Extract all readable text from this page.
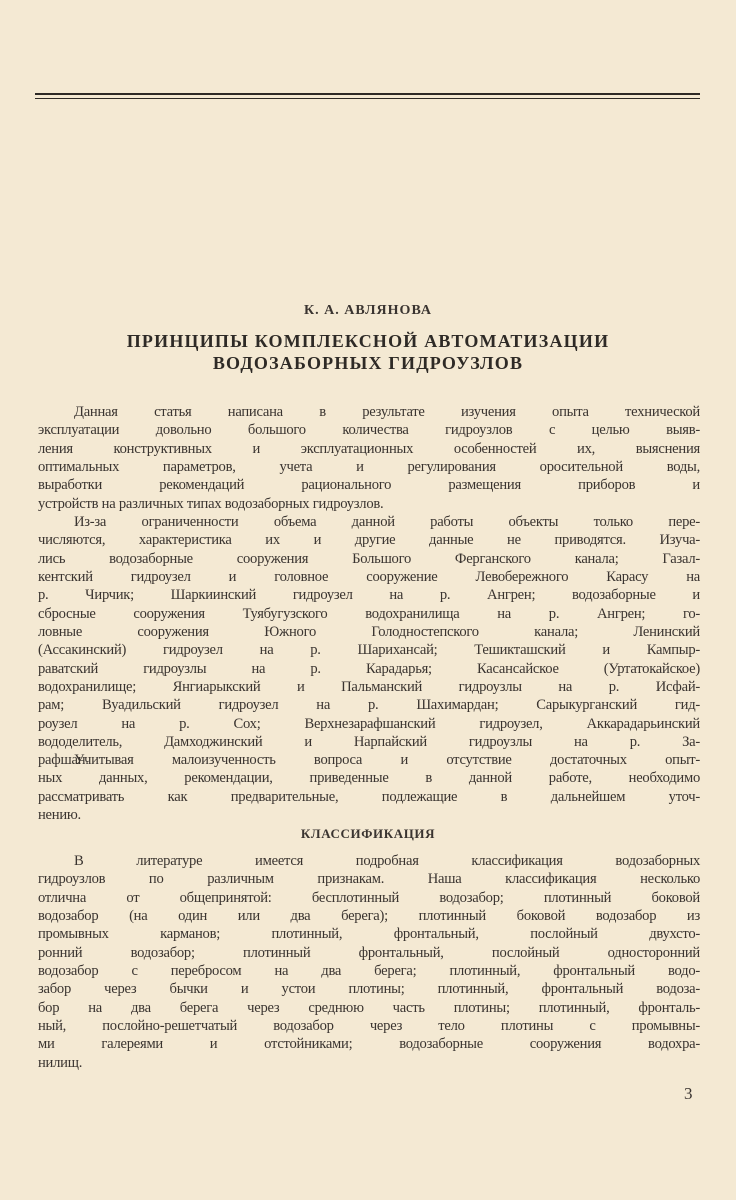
К. А. АВЛЯНОВА
ПРИНЦИПЫ КОМПЛЕКСНОЙ АВТОМАТИЗАЦИИ
ВОДОЗАБОРНЫХ ГИДРОУЗЛОВ
Данная статья написана в результате изучения опыта технической
эксплуатации довольно большого количества гидроузлов с целью выяв-
ления конструктивных и эксплуатационных особенностей их, выяснения
оптимальных параметров, учета и регулирования оросительной воды,
выработки рекомендаций рационального размещения приборов и
устройств на различных типах водозаборных гидроузлов.
Из-за ограниченности объема данной работы объекты только пере-
числяются, характеристика их и другие данные не приводятся. Изуча-
лись водозаборные сооружения Большого Ферганского канала; Газал-
кентский гидроузел и головное сооружение Левобережного Карасу на
р. Чирчик; Шаркиинский гидроузел на р. Ангрен; водозаборные и
сбросные сооружения Туябугузского водохранилища на р. Ангрен; го-
ловные сооружения Южного Голодностепского канала; Ленинский
(Ассакинский) гидроузел на р. Шарихансай; Тешикташский и Кампыр-
раватский гидроузлы на р. Карадарья; Касансайское (Уртатокайское)
водохранилище; Янгиарыкский и Пальманский гидроузлы на р. Исфай-
рам; Вуадильский гидроузел на р. Шахимардан; Сарыкурганский гид-
роузел на р. Сох; Верхнезарафшанский гидроузел, Аккарадарьинский
вододелитель, Дамходжинский и Нарпайский гидроузлы на р. За-
рафшан.
Учитывая малоизученность вопроса и отсутствие достаточных опыт-
ных данных, рекомендации, приведенные в данной работе, необходимо
рассматривать как предварительные, подлежащие в дальнейшем уточ-
нению.
КЛАССИФИКАЦИЯ
В литературе имеется подробная классификация водозаборных
гидроузлов по различным признакам. Наша классификация несколько
отлична от общепринятой: бесплотинный водозабор; плотинный боковой
водозабор (на один или два берега); плотинный боковой водозабор из
промывных карманов; плотинный, фронтальный, послойный двухсто-
ронний водозабор; плотинный фронтальный, послойный односторонний
водозабор с перебросом на два берега; плотинный, фронтальный водо-
забор через бычки и устои плотины; плотинный, фронтальный водоза-
бор на два берега через среднюю часть плотины; плотинный, фронталь-
ный, послойно-решетчатый водозабор через тело плотины с промывны-
ми галереями и отстойниками; водозаборные сооружения водохра-
нилищ.
3
